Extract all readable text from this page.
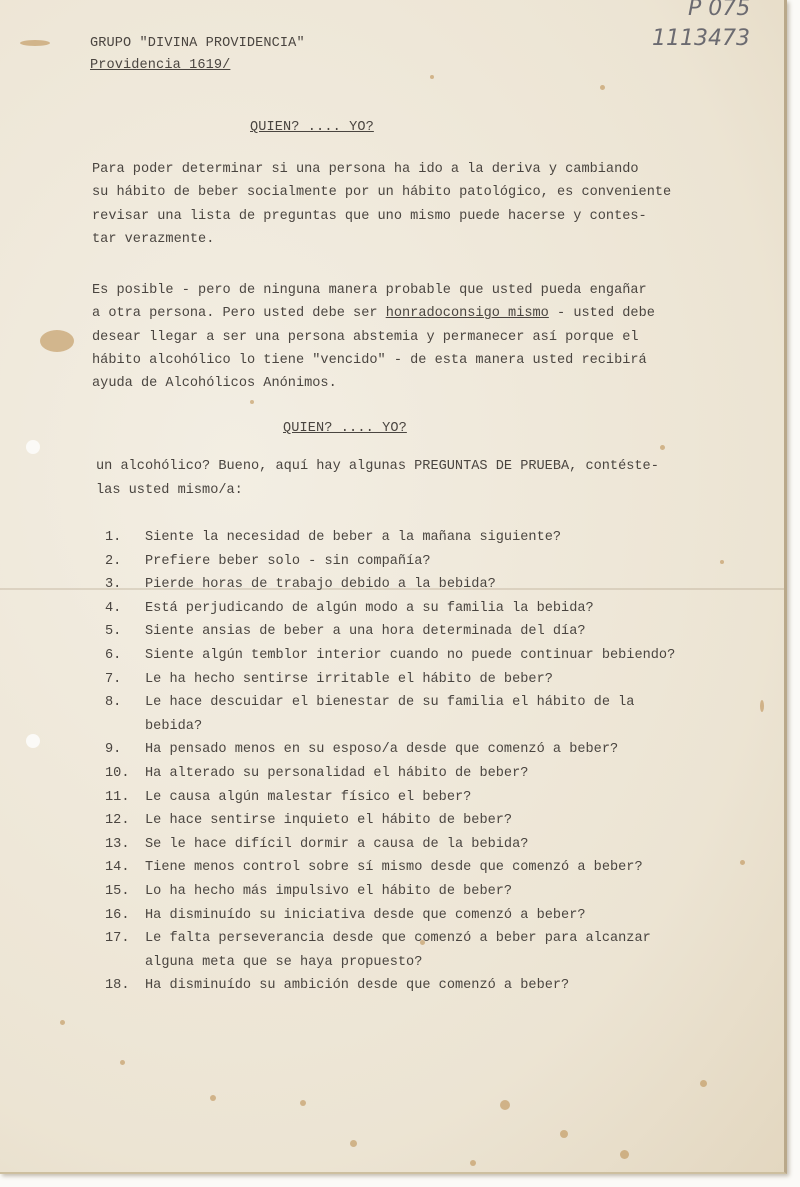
P 075
1113473
GRUPO "DIVINA PROVIDENCIA"
Providencia 1619/
QUIEN? .... YO?
Para poder determinar si una persona ha ido a la deriva y cambiando
su hábito de beber socialmente por un hábito patológico, es conveniente
revisar una lista de preguntas que uno mismo puede hacerse y contes-
tar verazmente.
Es posible - pero de ninguna manera probable que usted pueda engañar
a otra persona. Pero usted debe ser honradoconsigo mismo - usted debe
desear llegar a ser una persona abstemia y permanecer así porque el
hábito alcohólico lo tiene "vencido" - de esta manera usted recibirá
ayuda de Alcohólicos Anónimos.
QUIEN? .... YO?
un alcohólico? Bueno, aquí hay algunas PREGUNTAS DE PRUEBA, contéste-
las usted mismo/a:
1. Siente la necesidad de beber a la mañana siguiente?
2. Prefiere beber solo - sin compañía?
3. Pierde horas de trabajo debido a la bebida?
4. Está perjudicando de algún modo a su familia la bebida?
5. Siente ansias de beber a una hora determinada del día?
6. Siente algún temblor interior cuando no puede continuar bebiendo?
7. Le ha hecho sentirse irritable el hábito de beber?
8. Le hace descuidar el bienestar de su familia el hábito de la
bebida?
9. Ha pensado menos en su esposo/a desde que comenzó a beber?
10. Ha alterado su personalidad el hábito de beber?
11. Le causa algún malestar físico el beber?
12. Le hace sentirse inquieto el hábito de beber?
13. Se le hace difícil dormir a causa de la bebida?
14. Tiene menos control sobre sí mismo desde que comenzó a beber?
15. Lo ha hecho más impulsivo el hábito de beber?
16. Ha disminuído su iniciativa desde que comenzó a beber?
17. Le falta perseverancia desde que comenzó a beber para alcanzar
alguna meta que se haya propuesto?
18. Ha disminuído su ambición desde que comenzó a beber?
